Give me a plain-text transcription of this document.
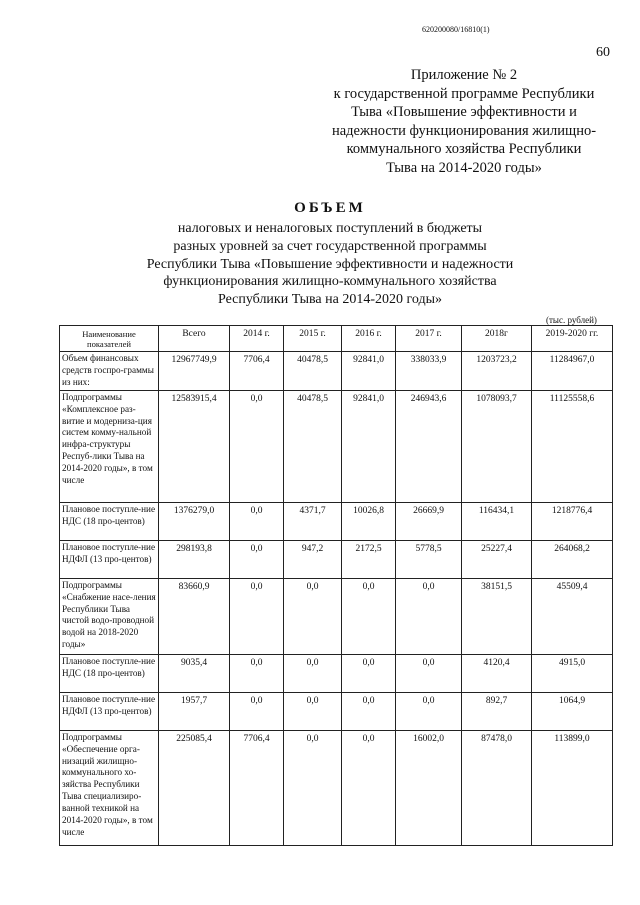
620200080/16810(1)
60
Приложение № 2
к государственной программе Республики
Тыва «Повышение эффективности и
надежности функционирования жилищно-
коммунального хозяйства Республики
Тыва на 2014-2020 годы»
ОБЪЕМ
налоговых и неналоговых поступлений в бюджеты
разных уровней за счет государственной программы
Республики Тыва «Повышение эффективности и надежности
функционирования жилищно-коммунального хозяйства
Республики Тыва на 2014-2020 годы»
(тыс. рублей)
Наименование показателей	Всего	2014 г.	2015 г.	2016 г.	2017 г.	2018г	2019-2020 гг.
Объем финансовых средств госпро-граммы из них:	12967749,9	7706,4	40478,5	92841,0	338033,9	1203723,2	11284967,0
Подпрограммы «Комплексное раз-витие и модерниза-ция систем комму-нальной инфра-структуры Респуб-лики Тыва на 2014-2020 годы», в том числе	12583915,4	0,0	40478,5	92841,0	246943,6	1078093,7	11125558,6
Плановое поступле-ние НДС (18 про-центов)	1376279,0	0,0	4371,7	10026,8	26669,9	116434,1	1218776,4
Плановое поступле-ние НДФЛ (13 про-центов)	298193,8	0,0	947,2	2172,5	5778,5	25227,4	264068,2
Подпрограммы «Снабжение насе-ления Республики Тыва чистой водо-проводной водой на 2018-2020 годы»	83660,9	0,0	0,0	0,0	0,0	38151,5	45509,4
Плановое поступле-ние НДС (18 про-центов)	9035,4	0,0	0,0	0,0	0,0	4120,4	4915,0
Плановое поступле-ние НДФЛ (13 про-центов)	1957,7	0,0	0,0	0,0	0,0	892,7	1064,9
Подпрограммы «Обеспечение орга-низаций жилищно-коммунального хо-зяйства Республики Тыва специализиро-ванной техникой на 2014-2020 годы», в том числе	225085,4	7706,4	0,0	0,0	16002,0	87478,0	113899,0
